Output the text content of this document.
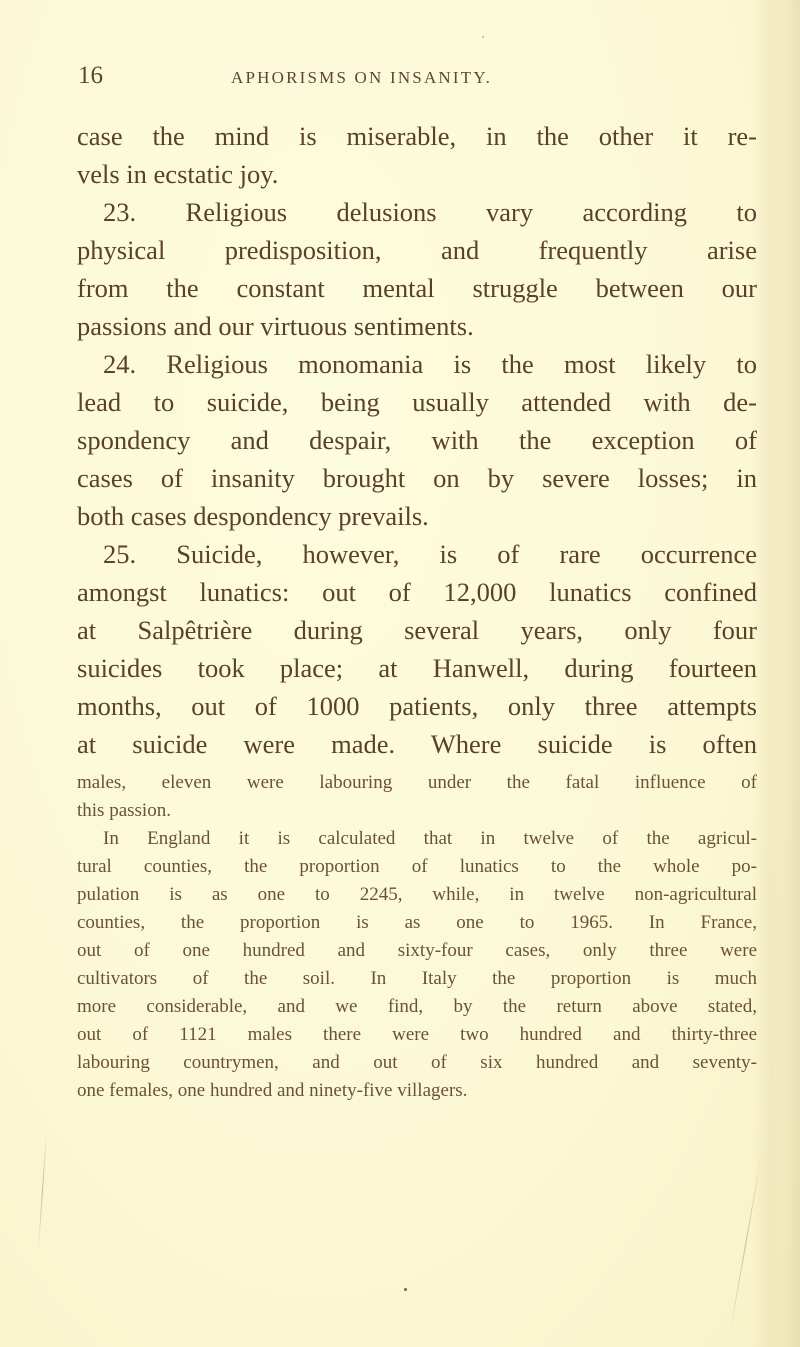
16	APHORISMS ON INSANITY.
case the mind is miserable, in the other it re-
vels in ecstatic joy.
23. Religious delusions vary according to
physical predisposition, and frequently arise
from the constant mental struggle between our
passions and our virtuous sentiments.
24. Religious monomania is the most likely to
lead to suicide, being usually attended with de-
spondency and despair, with the exception of
cases of insanity brought on by severe losses; in
both cases despondency prevails.
25. Suicide, however, is of rare occurrence
amongst lunatics: out of 12,000 lunatics confined
at Salpêtrière during several years, only four
suicides took place; at Hanwell, during fourteen
months, out of 1000 patients, only three attempts
at suicide were made. Where suicide is often
males, eleven were labouring under the fatal influence of
this passion.
In England it is calculated that in twelve of the agricul-
tural counties, the proportion of lunatics to the whole po-
pulation is as one to 2245, while, in twelve non-agricultural
counties, the proportion is as one to 1965. In France,
out of one hundred and sixty-four cases, only three were
cultivators of the soil. In Italy the proportion is much
more considerable, and we find, by the return above stated,
out of 1121 males there were two hundred and thirty-three
labouring countrymen, and out of six hundred and seventy-
one females, one hundred and ninety-five villagers.
